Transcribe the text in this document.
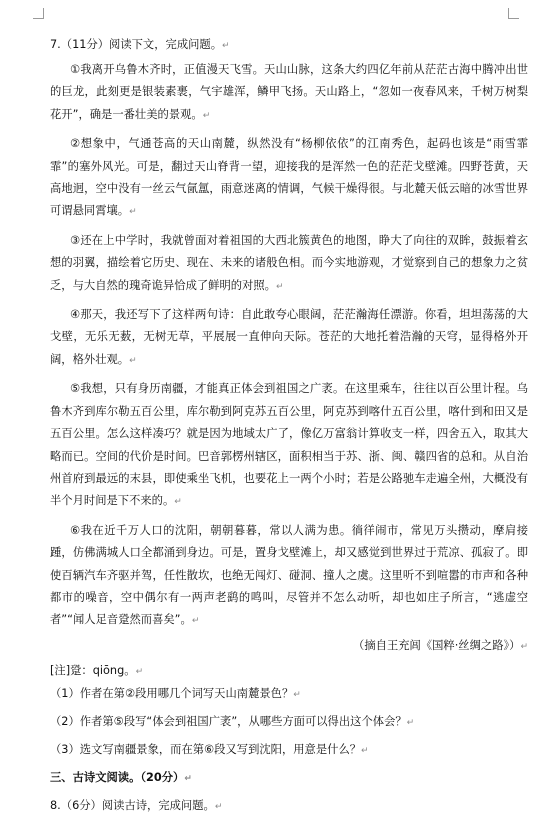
7.（11分）阅读下文，完成问题。↵

①我离开乌鲁木齐时，正值漫天飞雪。天山山脉，这条大约四亿年前从茫茫古海中腾冲出世的巨龙，此刻更是银装素裹，气宇雄浑，鳞甲飞扬。天山路上，“忽如一夜春风来，千树万树梨花开”，确是一番壮美的景观。↵

②想象中，气通苍高的天山南麓，纵然没有“杨柳依依”的江南秀色，起码也该是“雨雪霏霏”的塞外风光。可是，翻过天山脊背一望，迎接我的是浑然一色的茫茫戈壁滩。四野苍黄，天高地迥，空中没有一丝云气氤氲，雨意迷离的情调，气候干燥得很。与北麓天低云暗的冰雪世界可谓悬同霄壤。↵

③还在上中学时，我就曾面对着祖国的大西北簇黄色的地图，睁大了向往的双眸，鼓振着玄想的羽翼，描绘着它历史、现在、未来的诸般色相。而今实地游观，才觉察到自己的想象力之贫乏，与大自然的瑰奇诡异恰成了鲜明的对照。↵

④那天，我还写下了这样两句诗：自此敢夸心眼阔，茫茫瀚海任漂游。你看，坦坦荡荡的大戈壁，无乐无薮，无树无草，平展展一直伸向天际。苍茫的大地托着浩瀚的天穹，显得格外开阔，格外壮观。↵

⑤我想，只有身历南疆，才能真正体会到祖国之广袤。在这里乘车，往往以百公里计程。乌鲁木齐到库尔勒五百公里，库尔勒到阿克苏五百公里，阿克苏到喀什五百公里，喀什到和田又是五百公里。怎么这样凑巧？就是因为地域太广了，像亿万富翁计算收支一样，四舍五入，取其大略而已。空间的代价是时间。巴音郭楞州辖区，面积相当于苏、浙、闽、赣四省的总和。从自治州首府到最远的末县，即使乘坐飞机，也要花上一两个小时；若是公路驰车走遍全州，大概没有半个月时间是下不来的。↵

⑥我在近千万人口的沈阳，朝朝暮暮，常以人满为患。徜徉闹市，常见万头攒动，摩肩接踵，仿佛满城人口全都涌到身边。可是，置身戈壁滩上，却又感觉到世界过于荒凉、孤寂了。即使百辆汽车齐驱并驾，任性散坎，也绝无闯灯、碰洞、撞人之虞。这里听不到喧嚣的市声和各种都市的噪音，空中偶尔有一两声老鹞的鸣叫，尽管并不怎么动听，却也如庄子所言，“逃虚空者”“闻人足音跫然而喜矣”。↵

（摘自王充闾《国粹·丝绸之路》）↵
[注]跫：qiōng。↵
（1）作者在第②段用哪几个词写天山南麓景色？↵
（2）作者第⑤段写“体会到祖国广袤”，从哪些方面可以得出这个体会？↵
（3）选文写南疆景象，而在第⑥段又写到沈阳，用意是什么？↵
三、古诗文阅读。（20分）↵
8.（6分）阅读古诗，完成问题。↵
